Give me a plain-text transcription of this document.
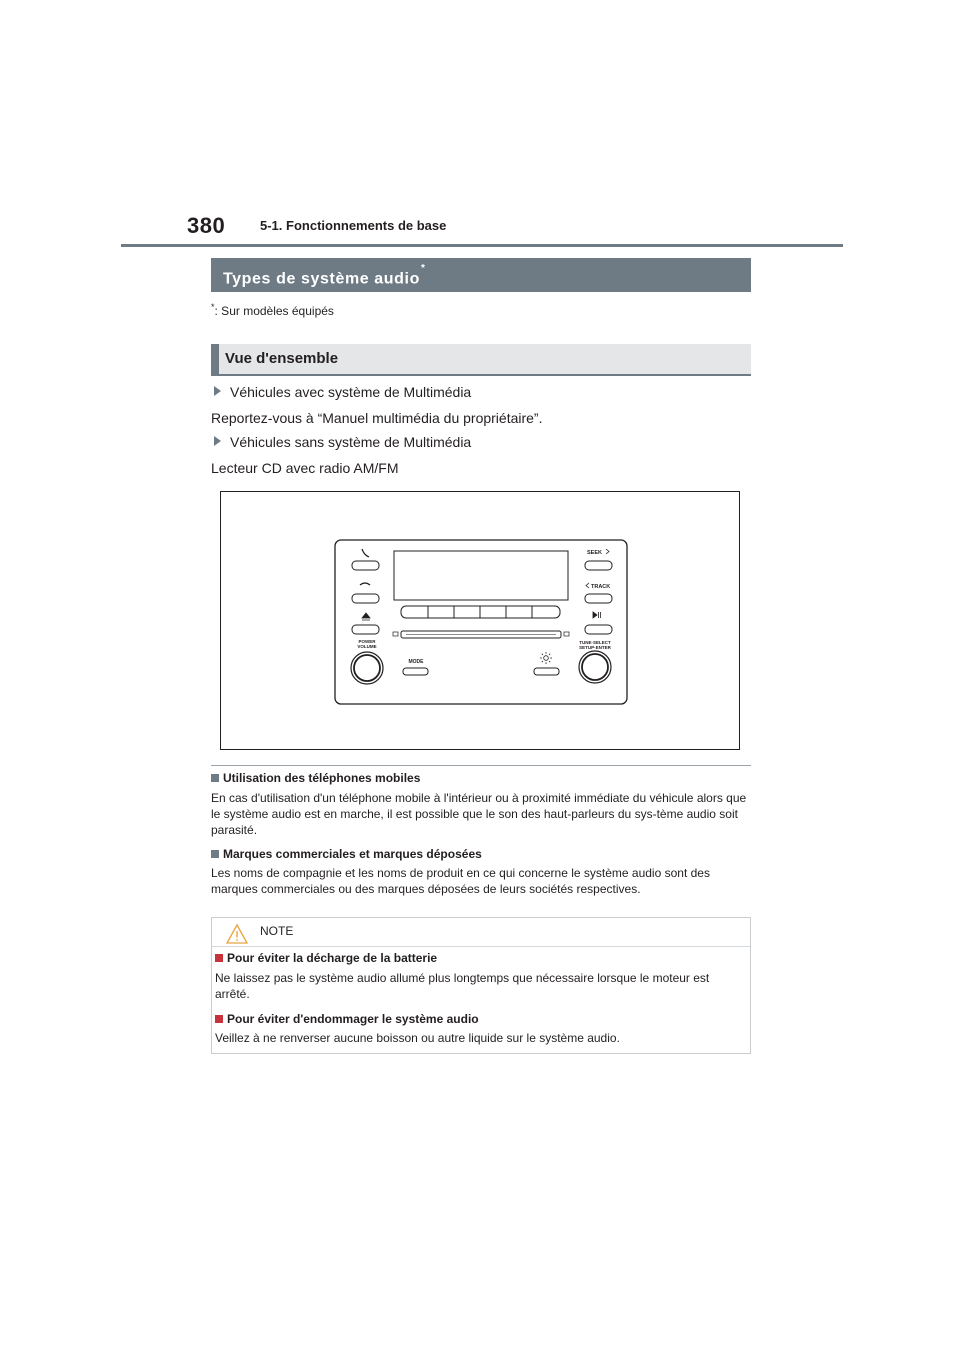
380	5-1. Fonctionnements de base
Types de système audio*
*: Sur modèles équipés
Vue d'ensemble
Véhicules avec système de Multimédia
Reportez-vous à “Manuel multimédia du propriétaire”.
Véhicules sans système de Multimédia
Lecteur CD avec radio AM/FM
SEEK
TRACK
POWER
VOLUME
TUNE·SELECT
SETUP·ENTER
MODE
Utilisation des téléphones mobiles
En cas d'utilisation d'un téléphone mobile à l'intérieur ou à proximité immédiate du véhicule alors que le système audio est en marche, il est possible que le son des haut-parleurs du sys-tème audio soit parasité.
Marques commerciales et marques déposées
Les noms de compagnie et les noms de produit en ce qui concerne le système audio sont des marques commerciales ou des marques déposées de leurs sociétés respectives.
NOTE
Pour éviter la décharge de la batterie
Ne laissez pas le système audio allumé plus longtemps que nécessaire lorsque le moteur est arrêté.
Pour éviter d'endommager le système audio
Veillez à ne renverser aucune boisson ou autre liquide sur le système audio.
